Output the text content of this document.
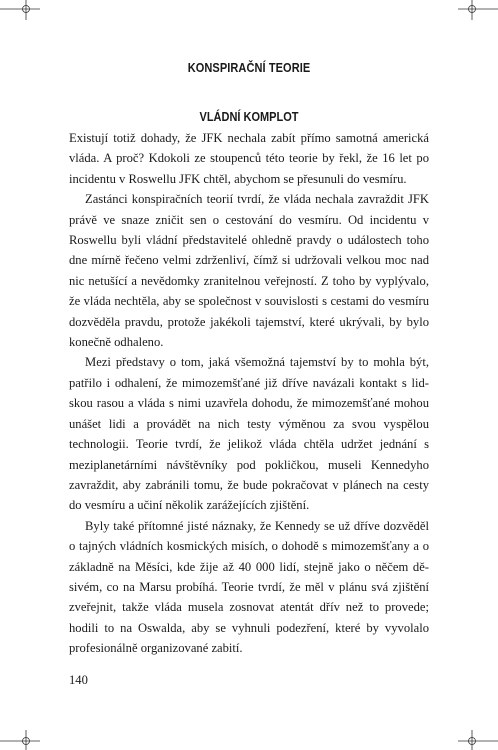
KONSPIRAČNÍ TEORIE
VLÁDNÍ KOMPLOT

Existují totiž dohady, že JFK nechala zabít přímo samotná americká vláda. A proč? Kdokoli ze stoupenců této teorie by řekl, že 16 let po incidentu v Roswellu JFK chtěl, abychom se přesunuli do vesmíru.

Zastánci konspiračních teorií tvrdí, že vláda nechala zavraždit JFK právě ve snaze zničit sen o cestování do vesmíru. Od incidentu v Roswellu byli vládní představitelé ohledně pravdy o událostech toho dne mírně řečeno velmi zdrženliví, čímž si udržovali velkou moc nad nic netušící a nevědomky zranitelnou veřejností. Z toho by vyplývalo, že vláda nechtěla, aby se společnost v souvislosti s cestami do vesmíru dozvěděla pravdu, protože jakékoli tajemství, které ukrývali, by bylo konečně odhaleno.

Mezi představy o tom, jaká všemožná tajemství by to mohla být, patřilo i odhalení, že mimozemšťané již dříve navázali kontakt s lidskou rasou a vláda s nimi uzavřela dohodu, že mimozemšťané mohou unášet lidi a provádět na nich testy výměnou za svou vyspělou technologii. Teorie tvrdí, že jelikož vláda chtěla udržet jednání s meziplanetárními návštěvníky pod pokličkou, museli Kennedyho zavraždit, aby zabránili tomu, že bude pokračovat v plánech na cesty do vesmíru a učiní několik zarážejících zjištění.

Byly také přítomné jisté náznaky, že Kennedy se už dříve dozvěděl o tajných vládních kosmických misích, o dohodě s mimozemšťany a o základně na Měsíci, kde žije až 40 000 lidí, stejně jako o něčem děsivém, co na Marsu probíhá. Teorie tvrdí, že měl v plánu svá zjištění zveřejnit, takže vláda musela zosnovat atentát dřív než to provede; hodili to na Oswalda, aby se vyhnuli podezření, které by vyvolalo profesionálně organizované zabití.

140
